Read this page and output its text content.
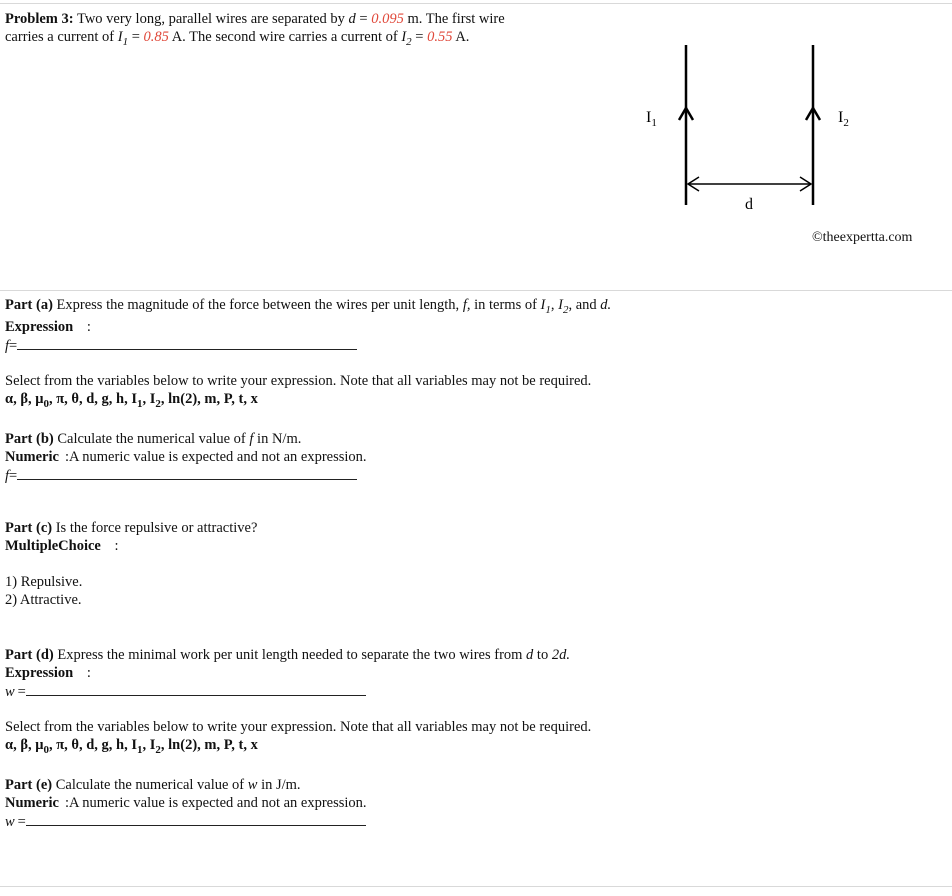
Problem 3: Two very long, parallel wires are separated by d = 0.095 m. The first wire
carries a current of $I_1 = 0.85$ A. The second wire carries a current of $I_2 = 0.55$ A.
$I_1$	$I_2$
d
©theexpertta.com
Part (a) Express the magnitude of the force between the wires per unit length, f, in terms of $I_1$, $I_2$, and d.
Expression :
f=
Select from the variables below to write your expression. Note that all variables may not be required.
α, β, $\mu_0$, π, θ, d, g, h, $I_1$, $I_2$, ln(2), m, P, t, x
Part (b) Calculate the numerical value of f in N/m.
Numeric :A numeric value is expected and not an expression.
f=
Part (c) Is the force repulsive or attractive?
MultipleChoice :
1) Repulsive.
2) Attractive.
Part (d) Express the minimal work per unit length needed to separate the two wires from d to 2d.
Expression :
w =
Select from the variables below to write your expression. Note that all variables may not be required.
α, β, $\mu_0$, π, θ, d, g, h, $I_1$, $I_2$, ln(2), m, P, t, x
Part (e) Calculate the numerical value of w in J/m.
Numeric :A numeric value is expected and not an expression.
w =
